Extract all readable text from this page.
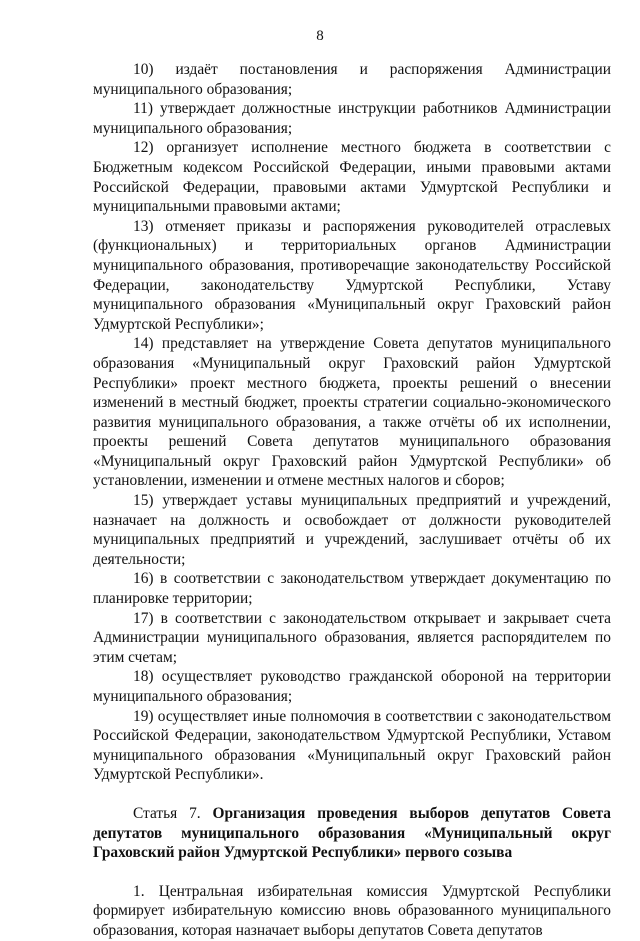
8

10) издаёт постановления и распоряжения Администрации муниципального образования;

11) утверждает должностные инструкции работников Администрации муниципального образования;

12) организует исполнение местного бюджета в соответствии с Бюджетным кодексом Российской Федерации, иными правовыми актами Российской Федерации, правовыми актами Удмуртской Республики и муниципальными правовыми актами;

13) отменяет приказы и распоряжения руководителей отраслевых (функциональных) и территориальных органов Администрации муниципального образования, противоречащие законодательству Российской Федерации, законодательству Удмуртской Республики, Уставу муниципального образования «Муниципальный округ Граховский район Удмуртской Республики»;

14) представляет на утверждение Совета депутатов муниципального образования «Муниципальный округ Граховский район Удмуртской Республики» проект местного бюджета, проекты решений о внесении изменений в местный бюджет, проекты стратегии социально-экономического развития муниципального образования, а также отчёты об их исполнении, проекты решений Совета депутатов муниципального образования «Муниципальный округ Граховский район Удмуртской Республики» об установлении, изменении и отмене местных налогов и сборов;

15) утверждает уставы муниципальных предприятий и учреждений, назначает на должность и освобождает от должности руководителей муниципальных предприятий и учреждений, заслушивает отчёты об их деятельности;

16) в соответствии с законодательством утверждает документацию по планировке территории;

17) в соответствии с законодательством открывает и закрывает счета Администрации муниципального образования, является распорядителем по этим счетам;

18) осуществляет руководство гражданской обороной на территории муниципального образования;

19) осуществляет иные полномочия в соответствии с законодательством Российской Федерации, законодательством Удмуртской Республики, Уставом муниципального образования «Муниципальный округ Граховский район Удмуртской Республики».

Статья 7. Организация проведения выборов депутатов Совета депутатов муниципального образования «Муниципальный округ Граховский район Удмуртской Республики» первого созыва

1. Центральная избирательная комиссия Удмуртской Республики формирует избирательную комиссию вновь образованного муниципального образования, которая назначает выборы депутатов Совета депутатов
